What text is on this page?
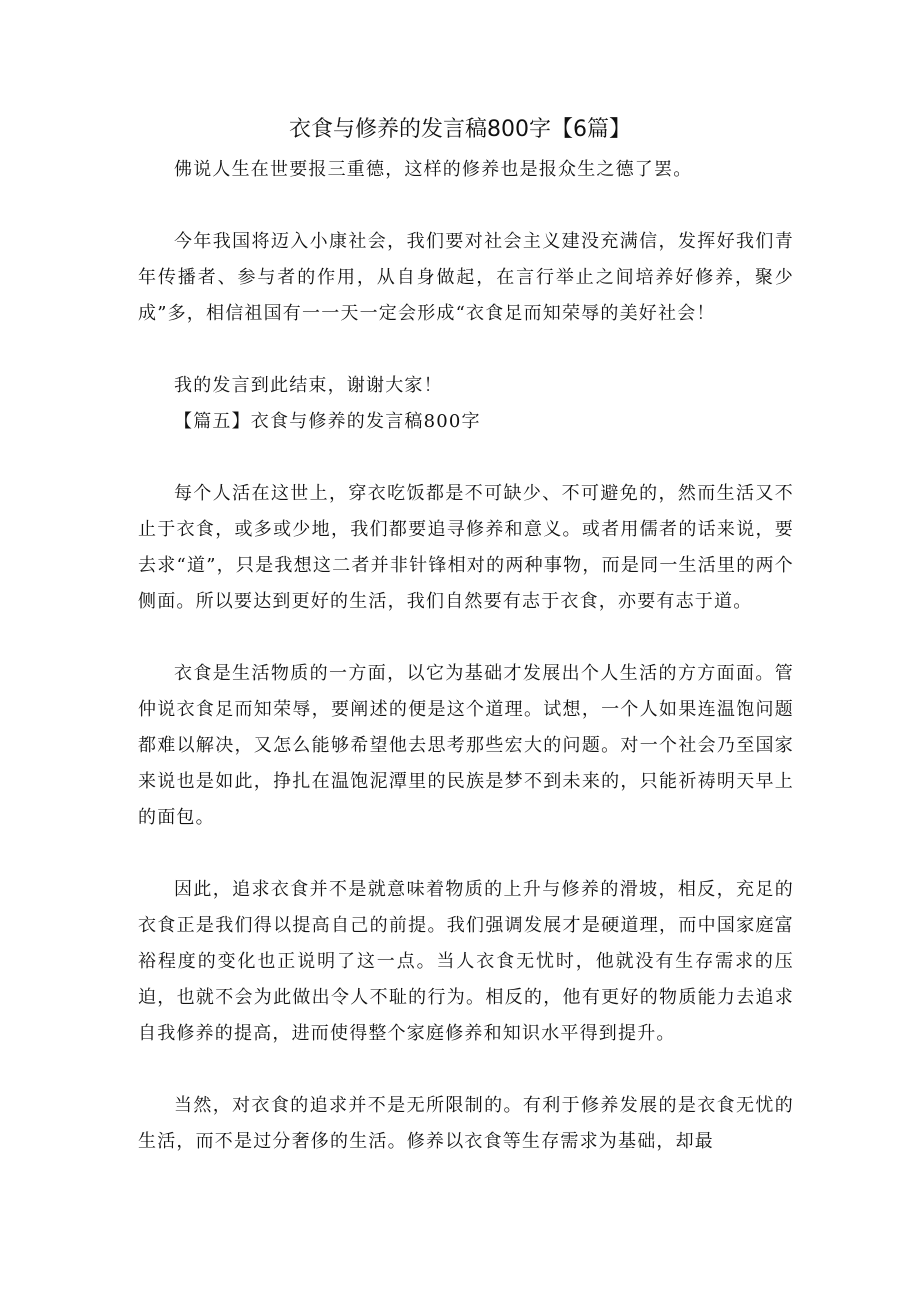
衣食与修养的发言稿800字【6篇】

佛说人生在世要报三重德，这样的修养也是报众生之德了罢。

今年我国将迈入小康社会，我们要对社会主义建没充满信，发挥好我们青年传播者、参与者的作用，从自身做起，在言行举止之间培养好修养，聚少成”多，相信祖国有一一天一定会形成“衣食足而知荣辱的美好社会！

我的发言到此结束，谢谢大家！

【篇五】衣食与修养的发言稿800字

每个人活在这世上，穿衣吃饭都是不可缺少、不可避免的，然而生活又不止于衣食，或多或少地，我们都要追寻修养和意义。或者用儒者的话来说，要去求“道”，只是我想这二者并非针锋相对的两种事物，而是同一生活里的两个侧面。所以要达到更好的生活，我们自然要有志于衣食，亦要有志于道。

衣食是生活物质的一方面，以它为基础才发展出个人生活的方方面面。管仲说衣食足而知荣辱，要阐述的便是这个道理。试想，一个人如果连温饱问题都难以解决，又怎么能够希望他去思考那些宏大的问题。对一个社会乃至国家来说也是如此，挣扎在温饱泥潭里的民族是梦不到未来的，只能祈祷明天早上的面包。

因此，追求衣食并不是就意味着物质的上升与修养的滑坡，相反，充足的衣食正是我们得以提高自己的前提。我们强调发展才是硬道理，而中国家庭富裕程度的变化也正说明了这一点。当人衣食无忧时，他就没有生存需求的压迫，也就不会为此做出令人不耻的行为。相反的，他有更好的物质能力去追求自我修养的提高，进而使得整个家庭修养和知识水平得到提升。

当然，对衣食的追求并不是无所限制的。有利于修养发展的是衣食无忧的生活，而不是过分奢侈的生活。修养以衣食等生存需求为基础，却最
